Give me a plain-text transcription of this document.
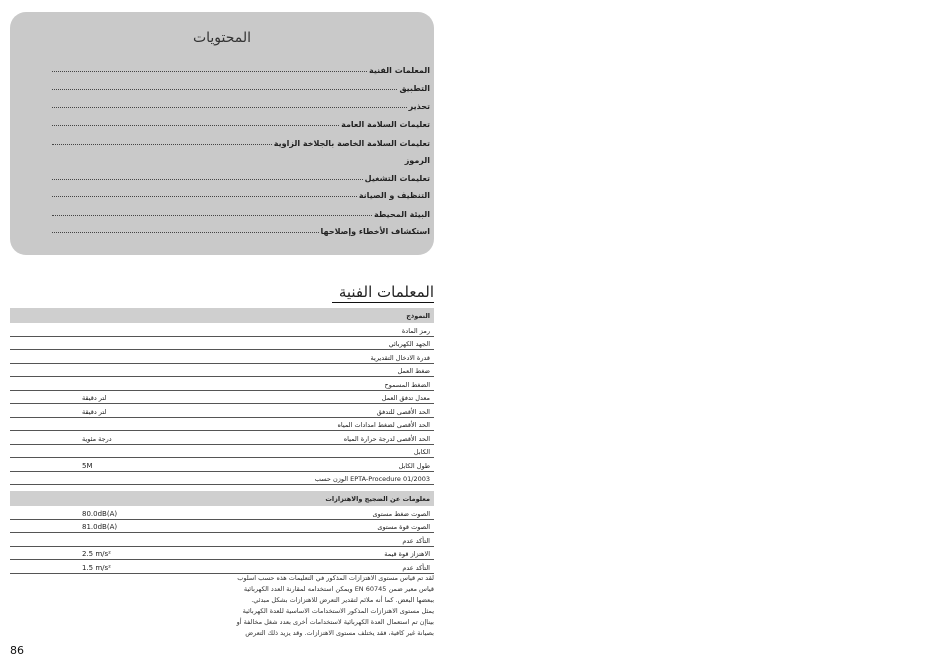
المحتويات
المعلمات الفنية
التطبيق
تحذير
تعليمات السلامة العامة
تعليمات السلامة الخاصة بالجلاخة الزاوية
الرموز
تعليمات التشغيل
التنظيف و الصيانة
البيئة المحيطة
استكشاف الأخطاء وإصلاحها
المعلمات الفنية
النموذج
رمز المادة
الجهد الكهربائي
قدرة الادخال التقديرية
ضغط العمل
الضغط المسموح
معدل تدفق العمل
لتر دقيقة
الحد الأقصى للتدفق
لتر دقيقة
الحد الأقصى لضغط امدادات المياه
الحد الأقصى لدرجة حرارة المياه
درجة مئوية
الكابل
طول الكابل
5M
EPTA-Procedure 01/2003 الوزن حسب
معلومات عن الضجيج والاهتزازات
الصوت ضغط مستوى
80.0dB(A)
الصوت قوة مستوى
81.0dB(A)
التأكد عدم
الاهتزاز قوة قيمة
2.5 m/s²
التأكد عدم
1.5 m/s²
لقد تم قياس مستوى الاهتزازات المذكور في التعليمات هذه حسب اسلوب
قياس معير ضمن EN 60745 ويمكن استخدامه لمقارنة العدد الكهربائية
ببعضها البعض. كما أنه ملائم لتقدير التعرض للاهتزازات بشكل مبدئي.
يمثل مستوى الاهتزازات المذكور الاستخدامات الاساسية للعدة الكهربائية
بيناإن تم استعمال العدة الكهربائية لاستخدامات أخرى بعدد شغل مخالفة أو
بصيانة غير كافية، فقد يختلف مستوى الاهتزازات. وقد يزيد ذلك التعرض
86
